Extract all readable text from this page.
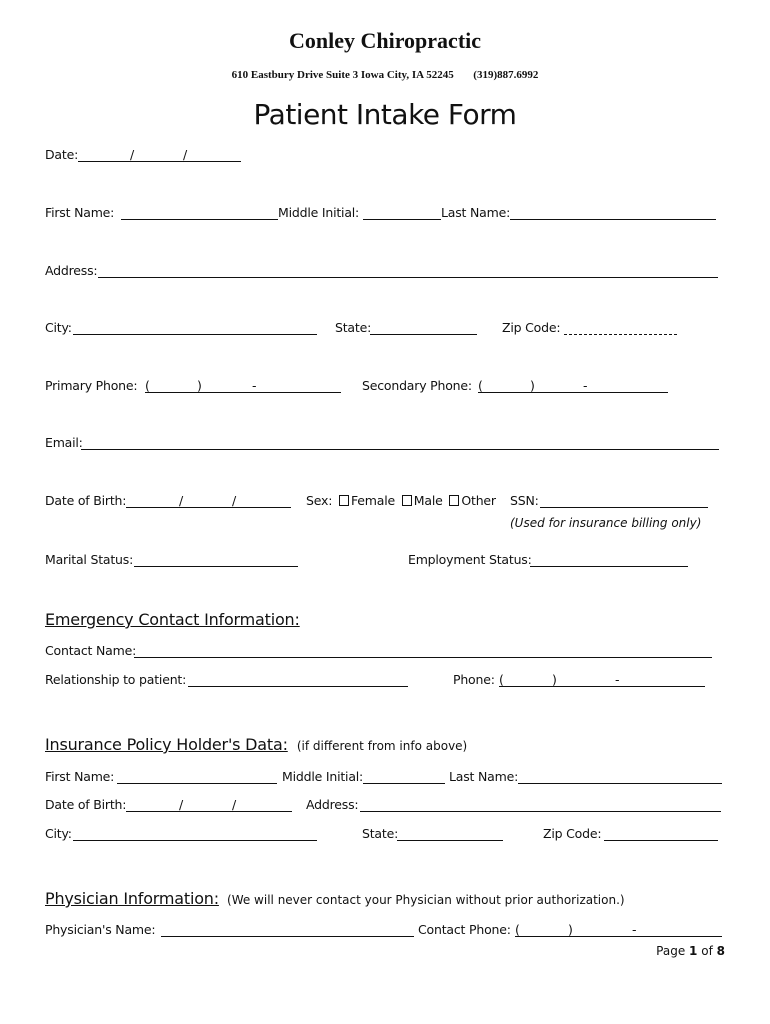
Conley Chiropractic
610 Eastbury Drive Suite 3 Iowa City, IA 52245 (319)887.6992
Patient Intake Form
Date:	/	/
First Name:	Middle Initial:	Last Name:
Address:
City:	State:	Zip Code:
Primary Phone: (	)	-	Secondary Phone: (	)	-
Email:
Date of Birth:	/	/	Sex: Female Male Other SSN:
(Used for insurance billing only)
Marital Status:	Employment Status:
Emergency Contact Information:
Contact Name:
Relationship to patient:	Phone: (	)	-
Insurance Policy Holder's Data: (if different from info above)
First Name:	Middle Initial:	Last Name:
Date of Birth:	/	/	Address:
City:	State:	Zip Code:
Physician Information: (We will never contact your Physician without prior authorization.)
Physician's Name:	Contact Phone: (	)	-
Page 1 of 8
